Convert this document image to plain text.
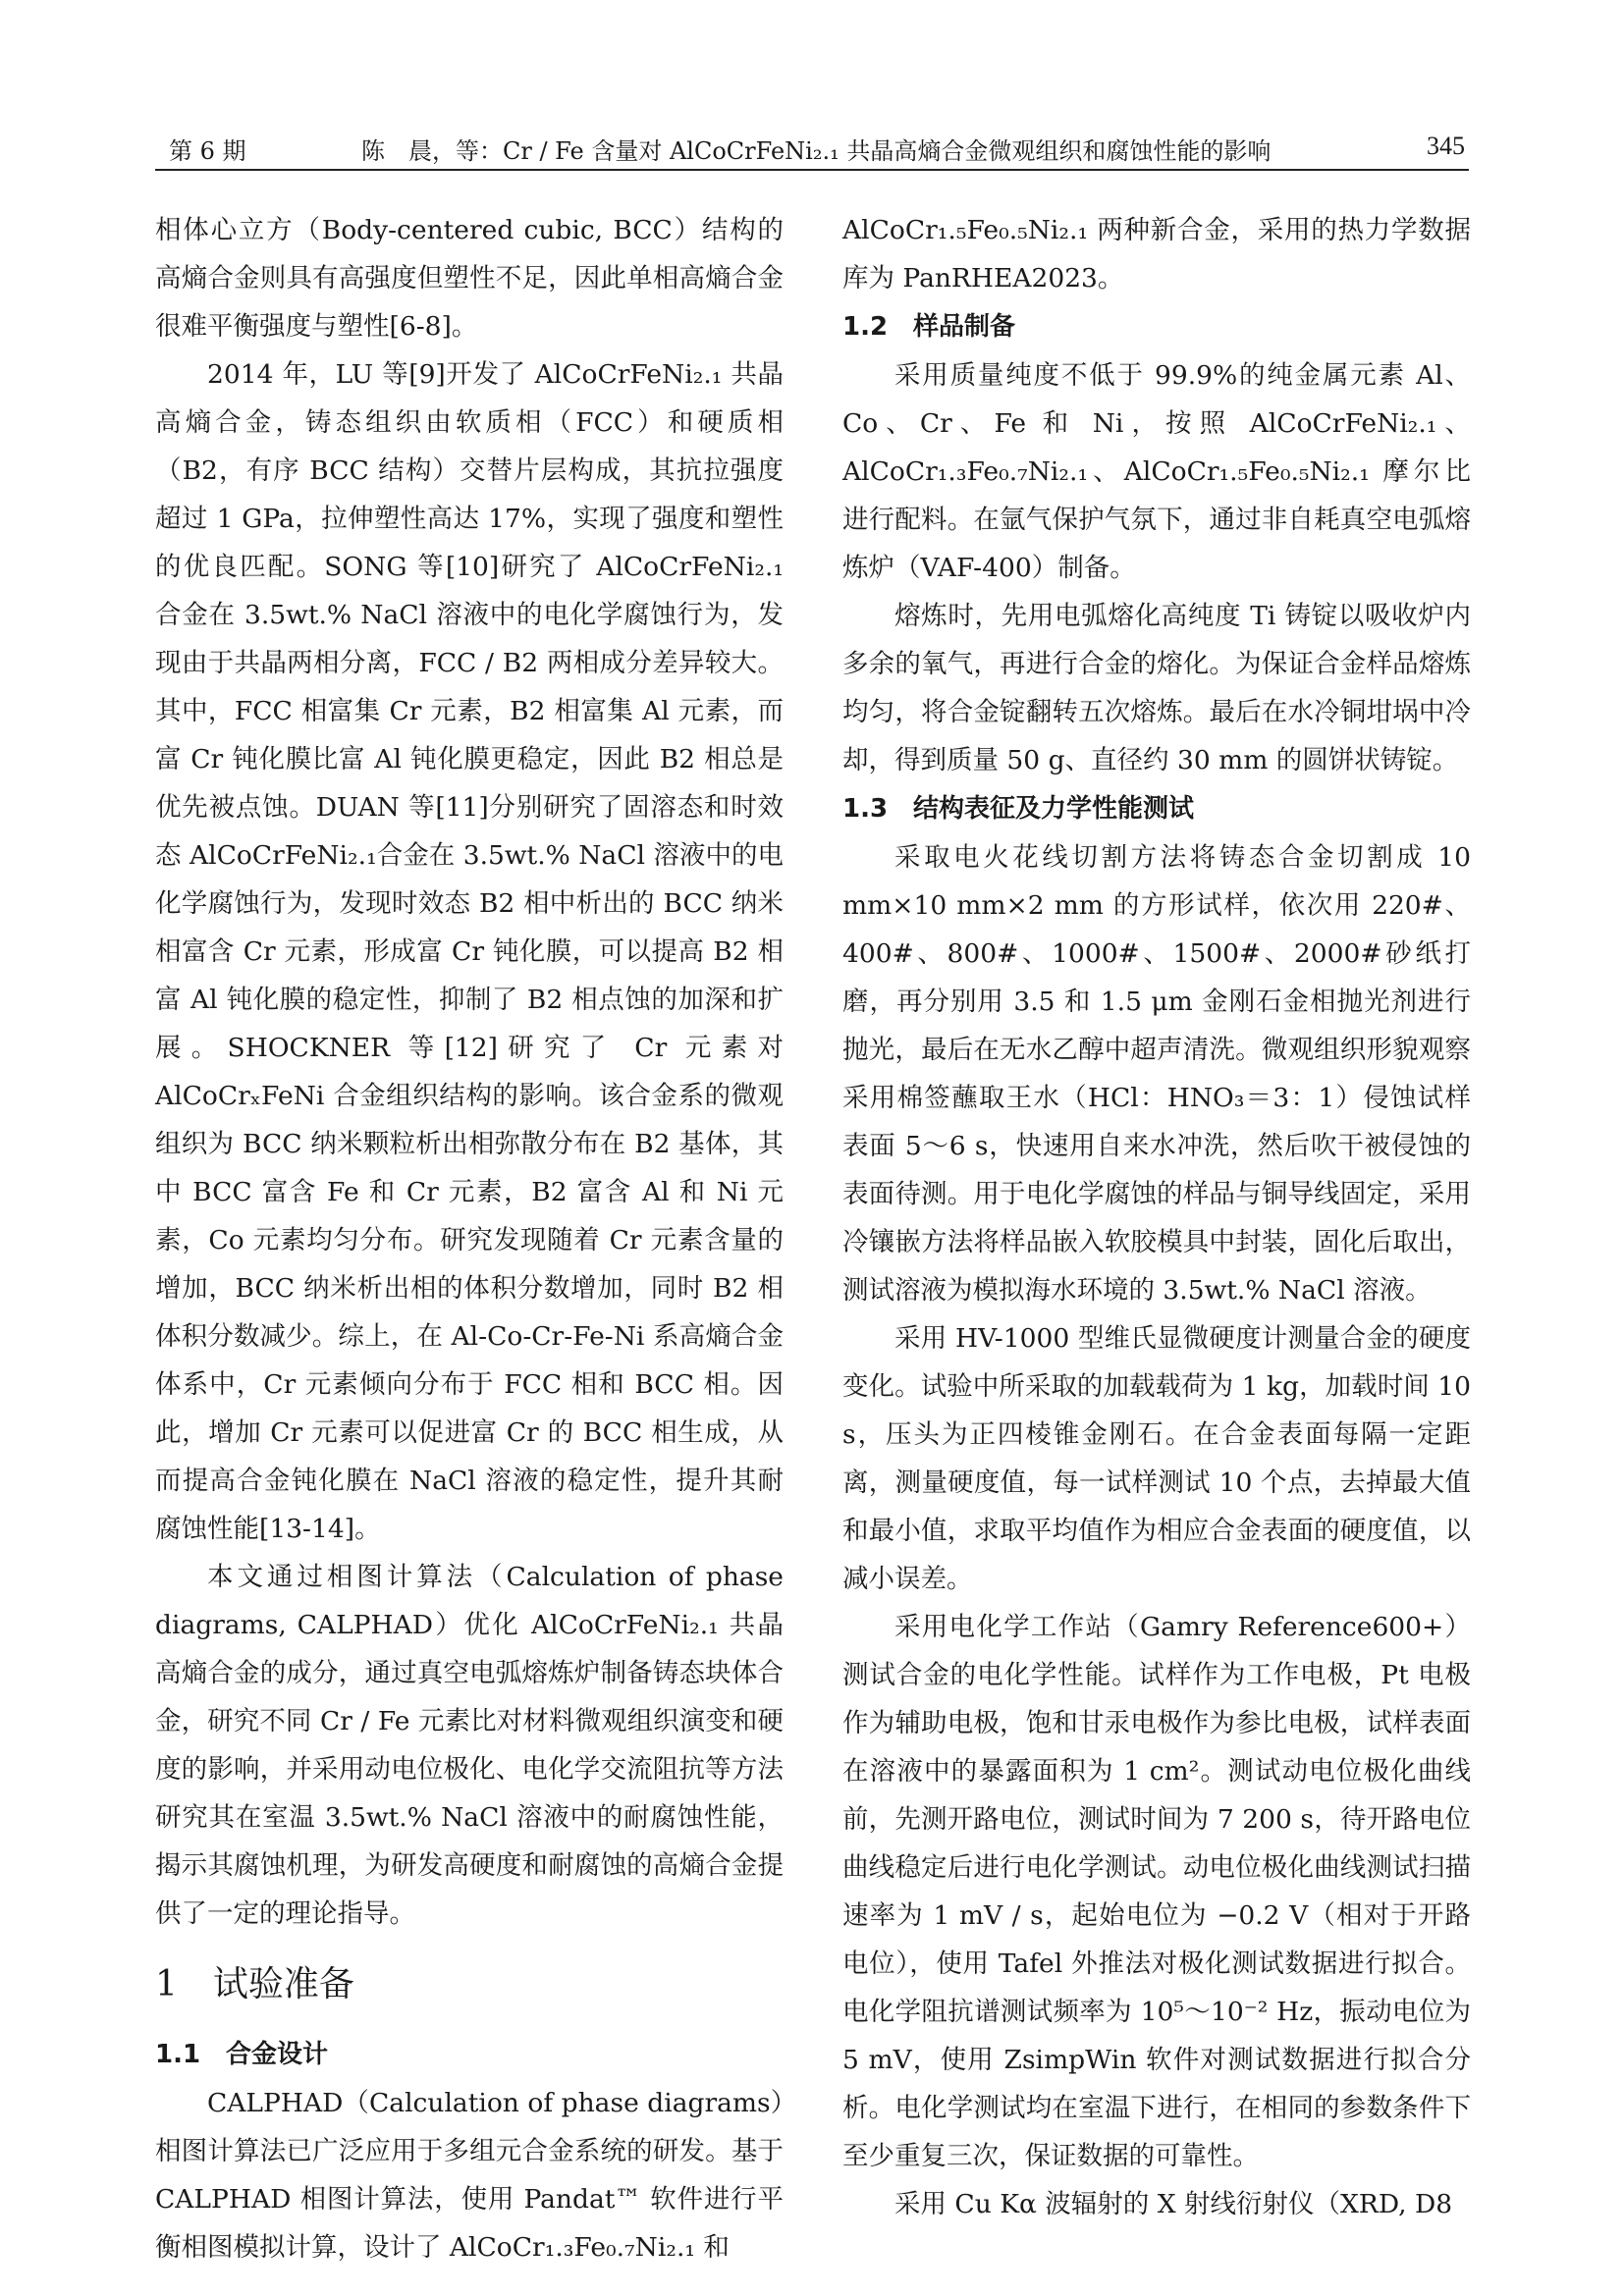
第 6 期	陈　晨，等：Cr / Fe 含量对 AlCoCrFeNi₂.₁ 共晶高熵合金微观组织和腐蚀性能的影响	345

相体心立方（Body-centered cubic, BCC）结构的高熵合金则具有高强度但塑性不足，因此单相高熵合金很难平衡强度与塑性[6-8]。

2014 年，LU 等[9]开发了 AlCoCrFeNi₂.₁ 共晶高熵合金，铸态组织由软质相（FCC）和硬质相（B2，有序 BCC 结构）交替片层构成，其抗拉强度超过 1 GPa，拉伸塑性高达 17%，实现了强度和塑性的优良匹配。SONG 等[10]研究了 AlCoCrFeNi₂.₁ 合金在 3.5wt.% NaCl 溶液中的电化学腐蚀行为，发现由于共晶两相分离，FCC / B2 两相成分差异较大。其中，FCC 相富集 Cr 元素，B2 相富集 Al 元素，而富 Cr 钝化膜比富 Al 钝化膜更稳定，因此 B2 相总是优先被点蚀。DUAN 等[11]分别研究了固溶态和时效态 AlCoCrFeNi₂.₁合金在 3.5wt.% NaCl 溶液中的电化学腐蚀行为，发现时效态 B2 相中析出的 BCC 纳米相富含 Cr 元素，形成富 Cr 钝化膜，可以提高 B2 相富 Al 钝化膜的稳定性，抑制了 B2 相点蚀的加深和扩展。SHOCKNER 等[12]研究了 Cr 元素对 AlCoCrₓFeNi 合金组织结构的影响。该合金系的微观组织为 BCC 纳米颗粒析出相弥散分布在 B2 基体，其中 BCC 富含 Fe 和 Cr 元素，B2 富含 Al 和 Ni 元素，Co 元素均匀分布。研究发现随着 Cr 元素含量的增加，BCC 纳米析出相的体积分数增加，同时 B2 相体积分数减少。综上，在 Al-Co-Cr-Fe-Ni 系高熵合金体系中，Cr 元素倾向分布于 FCC 相和 BCC 相。因此，增加 Cr 元素可以促进富 Cr 的 BCC 相生成，从而提高合金钝化膜在 NaCl 溶液的稳定性，提升其耐腐蚀性能[13-14]。

本文通过相图计算法（Calculation of phase diagrams, CALPHAD）优化 AlCoCrFeNi₂.₁ 共晶高熵合金的成分，通过真空电弧熔炼炉制备铸态块体合金，研究不同 Cr / Fe 元素比对材料微观组织演变和硬度的影响，并采用动电位极化、电化学交流阻抗等方法研究其在室温 3.5wt.% NaCl 溶液中的耐腐蚀性能，揭示其腐蚀机理，为研发高硬度和耐腐蚀的高熵合金提供了一定的理论指导。

1　试验准备
1.1　合金设计

CALPHAD（Calculation of phase diagrams）相图计算法已广泛应用于多组元合金系统的研发。基于 CALPHAD 相图计算法，使用 Pandat™ 软件进行平衡相图模拟计算，设计了 AlCoCr₁.₃Fe₀.₇Ni₂.₁ 和

AlCoCr₁.₅Fe₀.₅Ni₂.₁ 两种新合金，采用的热力学数据库为 PanRHEA2023。

1.2　样品制备

采用质量纯度不低于 99.9%的纯金属元素 Al、Co、Cr、Fe 和 Ni，按照 AlCoCrFeNi₂.₁、AlCoCr₁.₃Fe₀.₇Ni₂.₁、AlCoCr₁.₅Fe₀.₅Ni₂.₁ 摩尔比进行配料。在氩气保护气氛下，通过非自耗真空电弧熔炼炉（VAF-400）制备。

熔炼时，先用电弧熔化高纯度 Ti 铸锭以吸收炉内多余的氧气，再进行合金的熔化。为保证合金样品熔炼均匀，将合金锭翻转五次熔炼。最后在水冷铜坩埚中冷却，得到质量 50 g、直径约 30 mm 的圆饼状铸锭。

1.3　结构表征及力学性能测试

采取电火花线切割方法将铸态合金切割成 10 mm×10 mm×2 mm 的方形试样，依次用 220#、400#、800#、1000#、1500#、2000#砂纸打磨，再分别用 3.5 和 1.5 μm 金刚石金相抛光剂进行抛光，最后在无水乙醇中超声清洗。微观组织形貌观察采用棉签蘸取王水（HCl：HNO₃＝3：1）侵蚀试样表面 5～6 s，快速用自来水冲洗，然后吹干被侵蚀的表面待测。用于电化学腐蚀的样品与铜导线固定，采用冷镶嵌方法将样品嵌入软胶模具中封装，固化后取出，测试溶液为模拟海水环境的 3.5wt.% NaCl 溶液。

采用 HV-1000 型维氏显微硬度计测量合金的硬度变化。试验中所采取的加载载荷为 1 kg，加载时间 10 s，压头为正四棱锥金刚石。在合金表面每隔一定距离，测量硬度值，每一试样测试 10 个点，去掉最大值和最小值，求取平均值作为相应合金表面的硬度值，以减小误差。

采用电化学工作站（Gamry Reference600+）测试合金的电化学性能。试样作为工作电极，Pt 电极作为辅助电极，饱和甘汞电极作为参比电极，试样表面在溶液中的暴露面积为 1 cm²。测试动电位极化曲线前，先测开路电位，测试时间为 7 200 s，待开路电位曲线稳定后进行电化学测试。动电位极化曲线测试扫描速率为 1 mV / s，起始电位为 −0.2 V（相对于开路电位），使用 Tafel 外推法对极化测试数据进行拟合。电化学阻抗谱测试频率为 10⁵～10⁻² Hz，振动电位为 5 mV，使用 ZsimpWin 软件对测试数据进行拟合分析。电化学测试均在室温下进行，在相同的参数条件下至少重复三次，保证数据的可靠性。

采用 Cu Kα 波辐射的 X 射线衍射仪（XRD, D8
